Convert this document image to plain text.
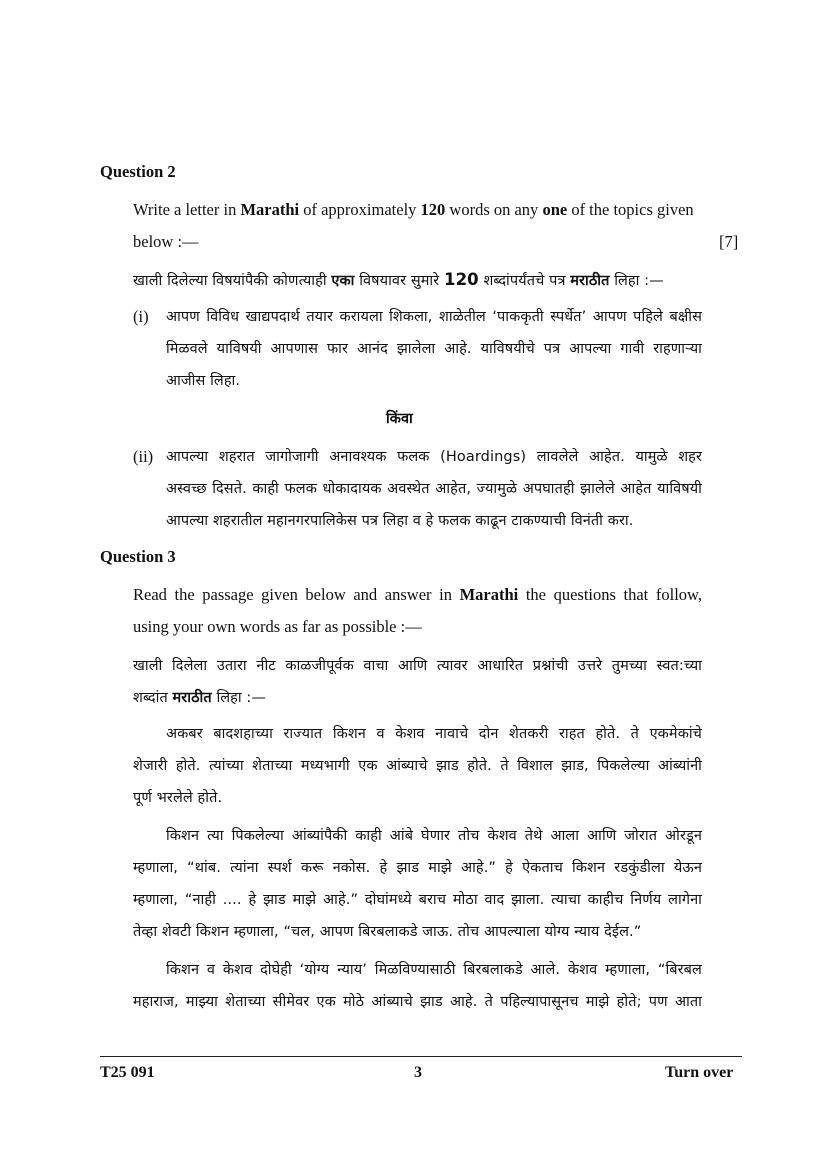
Question 2
Write a letter in Marathi of approximately 120 words on any one of the topics given
below :—	[7]
खाली दिलेल्या विषयांपैकी कोणत्याही एका विषयावर सुमारे 120 शब्दांपर्यंतचे पत्र मराठीत लिहा :—
(i) आपण विविध खाद्यपदार्थ तयार करायला शिकला, शाळेतील ‘पाककृती स्पर्धेत’ आपण पहिले बक्षीस
मिळवले याविषयी आपणास फार आनंद झालेला आहे. याविषयीचे पत्र आपल्या गावी राहणाऱ्या
आजीस लिहा.
किंवा
(ii) आपल्या शहरात जागोजागी अनावश्यक फलक (Hoardings) लावलेले आहेत. यामुळे शहर
अस्वच्छ दिसते. काही फलक धोकादायक अवस्थेत आहेत, ज्यामुळे अपघातही झालेले आहेत याविषयी
आपल्या शहरातील महानगरपालिकेस पत्र लिहा व हे फलक काढून टाकण्याची विनंती करा.
Question 3
Read the passage given below and answer in Marathi the questions that follow,
using your own words as far as possible :—
खाली दिलेला उतारा नीट काळजीपूर्वक वाचा आणि त्यावर आधारित प्रश्नांची उत्तरे तुमच्या स्वत:च्या
शब्दांत मराठीत लिहा :—
अकबर बादशहाच्या राज्यात किशन व केशव नावाचे दोन शेतकरी राहत होते. ते एकमेकांचे
शेजारी होते. त्यांच्या शेताच्या मध्यभागी एक आंब्याचे झाड होते. ते विशाल झाड, पिकलेल्या आंब्यांनी
पूर्ण भरलेले होते.
किशन त्या पिकलेल्या आंब्यांपैकी काही आंबे घेणार तोच केशव तेथे आला आणि जोरात ओरडून
म्हणाला, “थांब. त्यांना स्पर्श करू नकोस. हे झाड माझे आहे.” हे ऐकताच किशन रडकुंडीला येऊन
म्हणाला, “नाही .... हे झाड माझे आहे.” दोघांमध्ये बराच मोठा वाद झाला. त्याचा काहीच निर्णय लागेना
तेव्हा शेवटी किशन म्हणाला, “चल, आपण बिरबलाकडे जाऊ. तोच आपल्याला योग्य न्याय देईल.”
किशन व केशव दोघेही ‘योग्य न्याय’ मिळविण्यासाठी बिरबलाकडे आले. केशव म्हणाला, “बिरबल
महाराज, माझ्या शेताच्या सीमेवर एक मोठे आंब्याचे झाड आहे. ते पहिल्यापासूनच माझे होते; पण आता
T25 091	3	Turn over
